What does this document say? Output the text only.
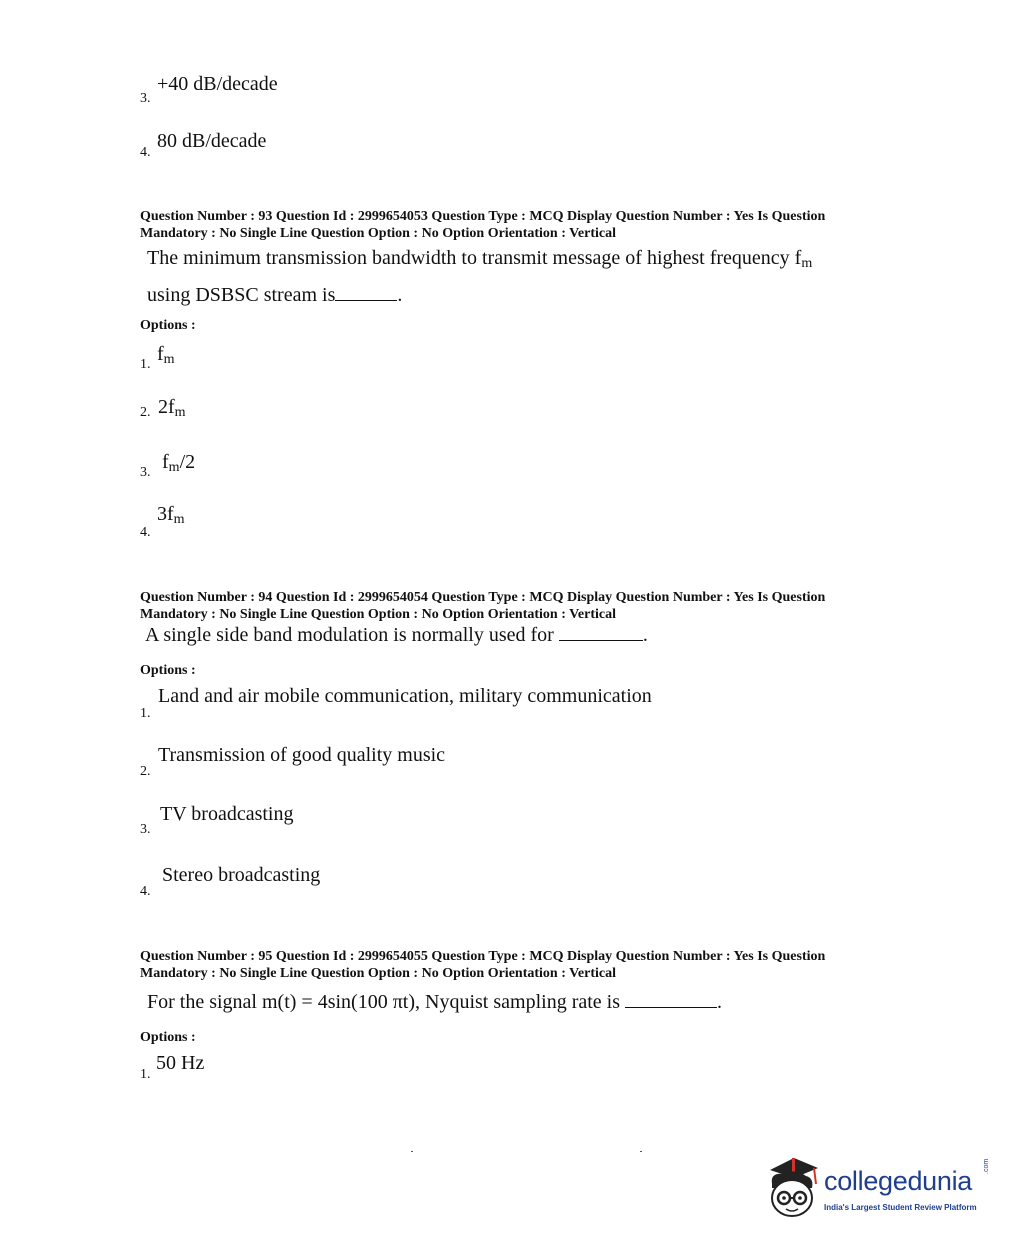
+40 dB/decade
3.
80 dB/decade
4.
Question Number : 93 Question Id : 2999654053 Question Type : MCQ Display Question Number : Yes Is Question
Mandatory : No Single Line Question Option : No Option Orientation : Vertical
The minimum transmission bandwidth to transmit message of highest frequency $f_m$
using DSBSC stream is	.
Options :
$f_m$
1.
$2f_m$
2.
$f_m/2$
3.
$3f_m$
4.
Question Number : 94 Question Id : 2999654054 Question Type : MCQ Display Question Number : Yes Is Question
Mandatory : No Single Line Question Option : No Option Orientation : Vertical
A single side band modulation is normally used for	.
Options :
Land and air mobile communication, military communication
1.
Transmission of good quality music
2.
TV broadcasting
3.
Stereo broadcasting
4.
Question Number : 95 Question Id : 2999654055 Question Type : MCQ Display Question Number : Yes Is Question
Mandatory : No Single Line Question Option : No Option Orientation : Vertical
For the signal m(t) = 4sin(100 πt), Nyquist sampling rate is	.
Options :
50 Hz
1.
collegedunia .com
India's Largest Student Review Platform
